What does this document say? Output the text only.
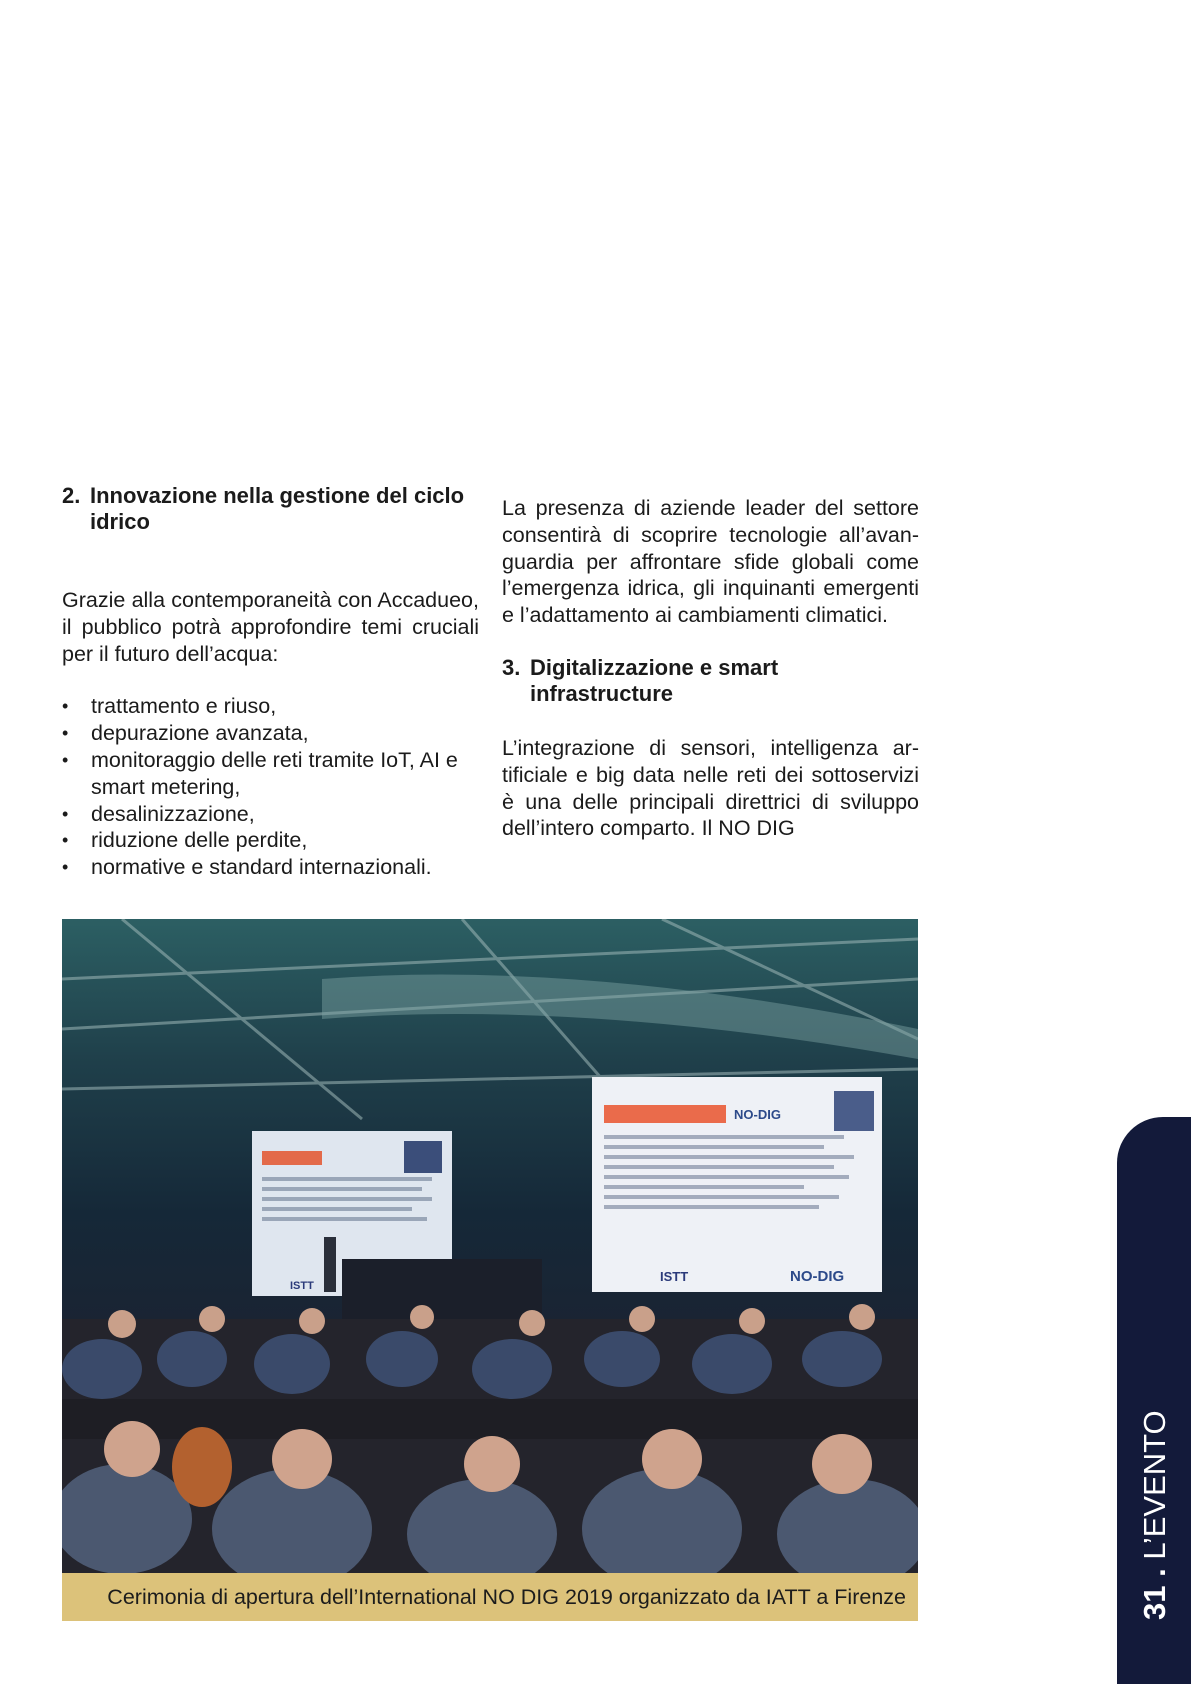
2. Innovazione nella gestione del ciclo idrico

Grazie alla contemporaneità con Accadueo, il pubblico potrà approfondire temi cruciali per il futuro dell’acqua:

• trattamento e riuso,
• depurazione avanzata,
• monitoraggio delle reti tramite IoT, AI e smart metering,
• desalinizzazione,
• riduzione delle perdite,
• normative e standard internazionali.

La presenza di aziende leader del settore consentirà di scoprire tecnologie all’avanguardia per affrontare sfide globali come l’emergenza idrica, gli inquinanti emergenti e l’adattamento ai cambiamenti climatici.

3. Digitalizzazione e smart infrastructure

L’integrazione di sensori, intelligenza artificiale e big data nelle reti dei sottoservizi è una delle principali direttrici di sviluppo dell’intero comparto. Il NO DIG

ISTT
NO-DIG
ISTT	NO-DIG
Cerimonia di apertura dell’International NO DIG 2019 organizzato da IATT a Firenze	31 . L’EVENTO
